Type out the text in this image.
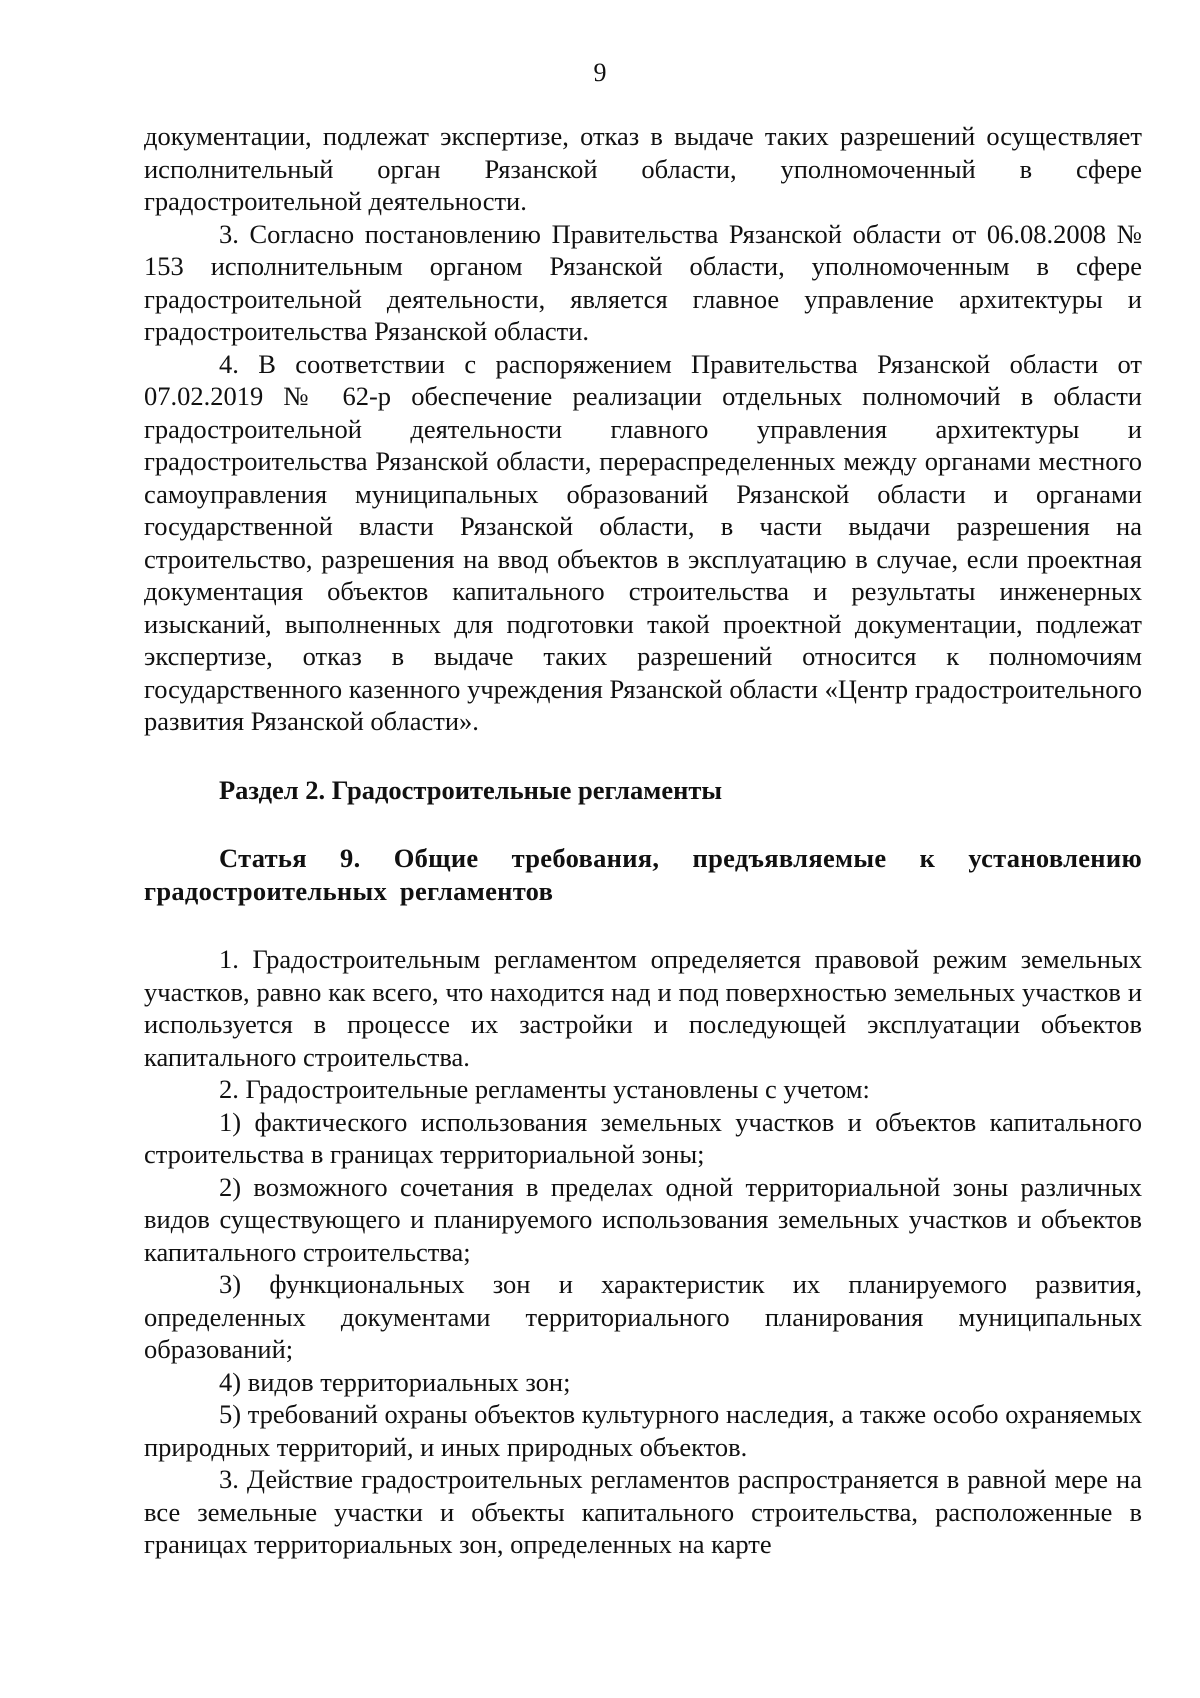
9

документации, подлежат экспертизе, отказ в выдаче таких разрешений осуществляет исполнительный орган Рязанской области, уполномоченный в сфере градостроительной деятельности.

3. Согласно постановлению Правительства Рязанской области от 06.08.2008 № 153 исполнительным органом Рязанской области, уполномоченным в сфере градостроительной деятельности, является главное управление архитектуры и градостроительства Рязанской области.

4. В соответствии с распоряжением Правительства Рязанской области от 07.02.2019 № 62-р обеспечение реализации отдельных полномочий в области градостроительной деятельности главного управления архитектуры и градостроительства Рязанской области, перераспределенных между органами местного самоуправления муниципальных образований Рязанской области и органами государственной власти Рязанской области, в части выдачи разрешения на строительство, разрешения на ввод объектов в эксплуатацию в случае, если проектная документация объектов капитального строительства и результаты инженерных изысканий, выполненных для подготовки такой проектной документации, подлежат экспертизе, отказ в выдаче таких разрешений относится к полномочиям государственного казенного учреждения Рязанской области «Центр градостроительного развития Рязанской области».

Раздел 2. Градостроительные регламенты
Статья 9. Общие требования, предъявляемые к установлению градостроительных регламентов

1. Градостроительным регламентом определяется правовой режим земельных участков, равно как всего, что находится над и под поверхностью земельных участков и используется в процессе их застройки и последующей эксплуатации объектов капитального строительства.

2. Градостроительные регламенты установлены с учетом:

1) фактического использования земельных участков и объектов капитального строительства в границах территориальной зоны;

2) возможного сочетания в пределах одной территориальной зоны различных видов существующего и планируемого использования земельных участков и объектов капитального строительства;

3) функциональных зон и характеристик их планируемого развития, определенных документами территориального планирования муниципальных образований;

4) видов территориальных зон;

5) требований охраны объектов культурного наследия, а также особо охраняемых природных территорий, и иных природных объектов.

3. Действие градостроительных регламентов распространяется в равной мере на все земельные участки и объекты капитального строительства, расположенные в границах территориальных зон, определенных на карте
